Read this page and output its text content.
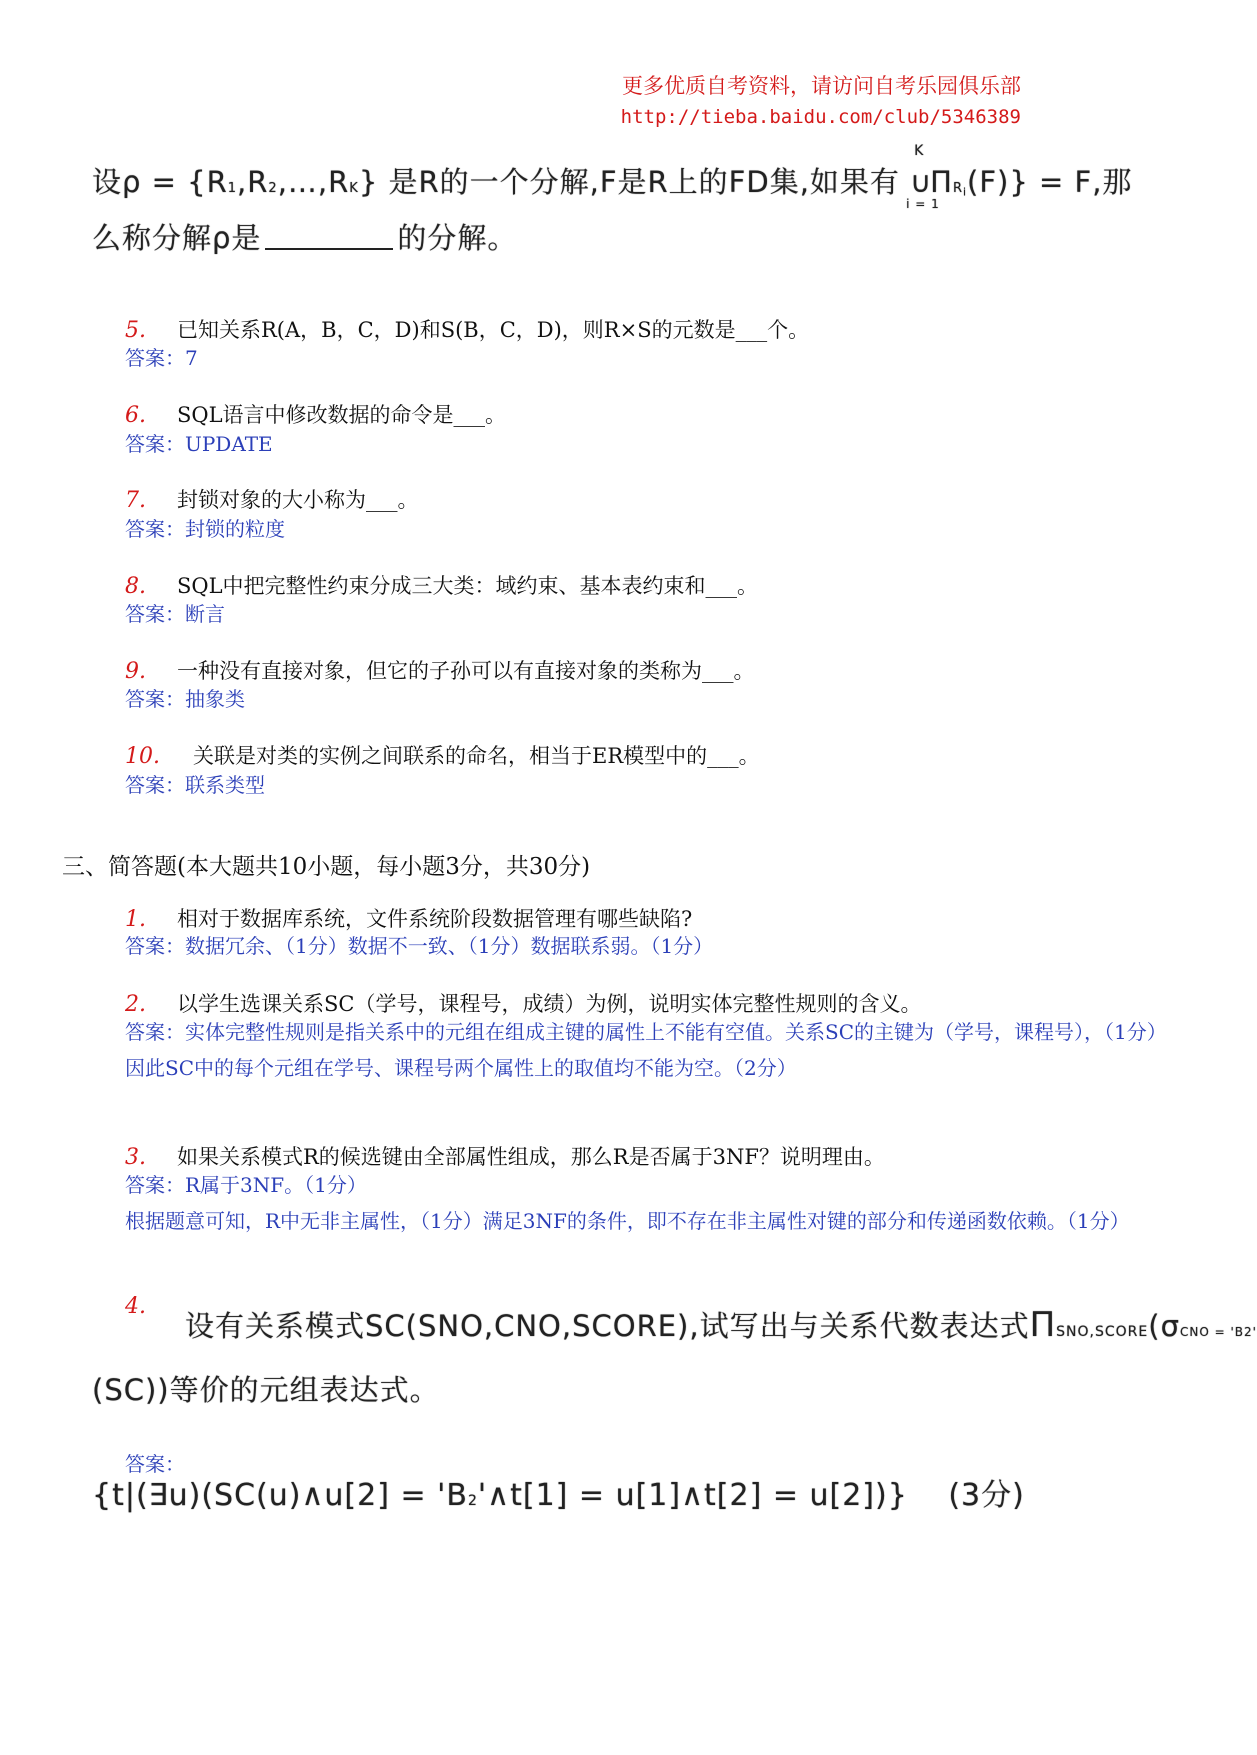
更多优质自考资料，请访问自考乐园俱乐部
http://tieba.baidu.com/club/5346389
设ρ = {R1,R2,…,RK} 是R的一个分解,F是R上的FD集,如果有
K
∪
i = 1
$\Pi R_i(F)\} = F$,那
么称分解ρ是	的分解。
5. 已知关系R(A，B，C，D)和S(B，C，D)，则R×S的元数是___个。
答案：7
6. SQL语言中修改数据的命令是___。
答案：UPDATE
7. 封锁对象的大小称为___。
答案：封锁的粒度
8. SQL中把完整性约束分成三大类：域约束、基本表约束和___。
答案：断言
9. 一种没有直接对象，但它的子孙可以有直接对象的类称为___。
答案：抽象类
10. 关联是对类的实例之间联系的命名，相当于ER模型中的___。
答案：联系类型
三、简答题(本大题共10小题，每小题3分，共30分)
1. 相对于数据库系统，文件系统阶段数据管理有哪些缺陷?
答案：数据冗余、（1分）数据不一致、（1分）数据联系弱。（1分）
2. 以学生选课关系SC（学号，课程号，成绩）为例，说明实体完整性规则的含义。
答案：实体完整性规则是指关系中的元组在组成主键的属性上不能有空值。关系SC的主键为（学号，课程号），（1分）因此SC中的每个元组在学号、课程号两个属性上的取值均不能为空。（2分）
3. 如果关系模式R的候选键由全部属性组成，那么R是否属于3NF？说明理由。
答案：R属于3NF。（1分）
根据题意可知，R中无非主属性，（1分）满足3NF的条件，即不存在非主属性对键的部分和传递函数依赖。（1分）
4.
设有关系模式SC(SNO,CNO,SCORE),试写出与关系代数表达式ΠSNO,SCORE(σCNO = 'B2'
(SC))等价的元组表达式。
答案：
{t|(∃u)(SC(u)∧u[2] = 'B2'∧t[1] = u[1]∧t[2] = u[2])} (3分)
